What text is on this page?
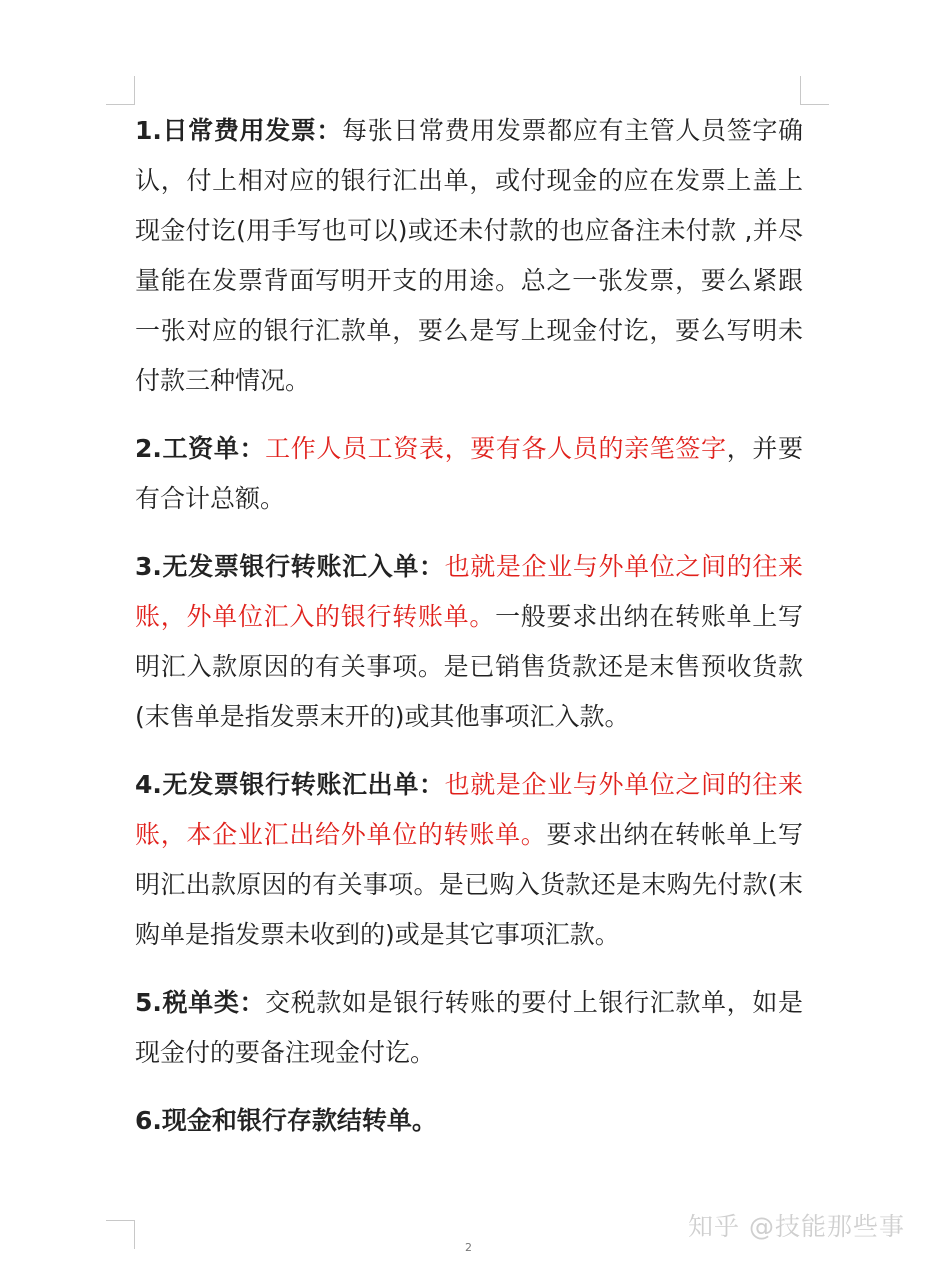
1.日常费用发票：每张日常费用发票都应有主管人员签字确认，付上相对应的银行汇出单，或付现金的应在发票上盖上现金付讫(用手写也可以)或还未付款的也应备注未付款 ,并尽量能在发票背面写明开支的用途。总之一张发票，要么紧跟一张对应的银行汇款单，要么是写上现金付讫，要么写明未付款三种情况。

2.工资单：工作人员工资表，要有各人员的亲笔签字，并要有合计总额。

3.无发票银行转账汇入单：也就是企业与外单位之间的往来账，外单位汇入的银行转账单。一般要求出纳在转账单上写明汇入款原因的有关事项。是已销售货款还是末售预收货款(末售单是指发票末开的)或其他事项汇入款。

4.无发票银行转账汇出单：也就是企业与外单位之间的往来账，本企业汇出给外单位的转账单。要求出纳在转帐单上写明汇出款原因的有关事项。是已购入货款还是末购先付款(末购单是指发票未收到的)或是其它事项汇款。

5.税单类：交税款如是银行转账的要付上银行汇款单，如是现金付的要备注现金付讫。

6.现金和银行存款结转单。

知乎 @技能那些事
2
